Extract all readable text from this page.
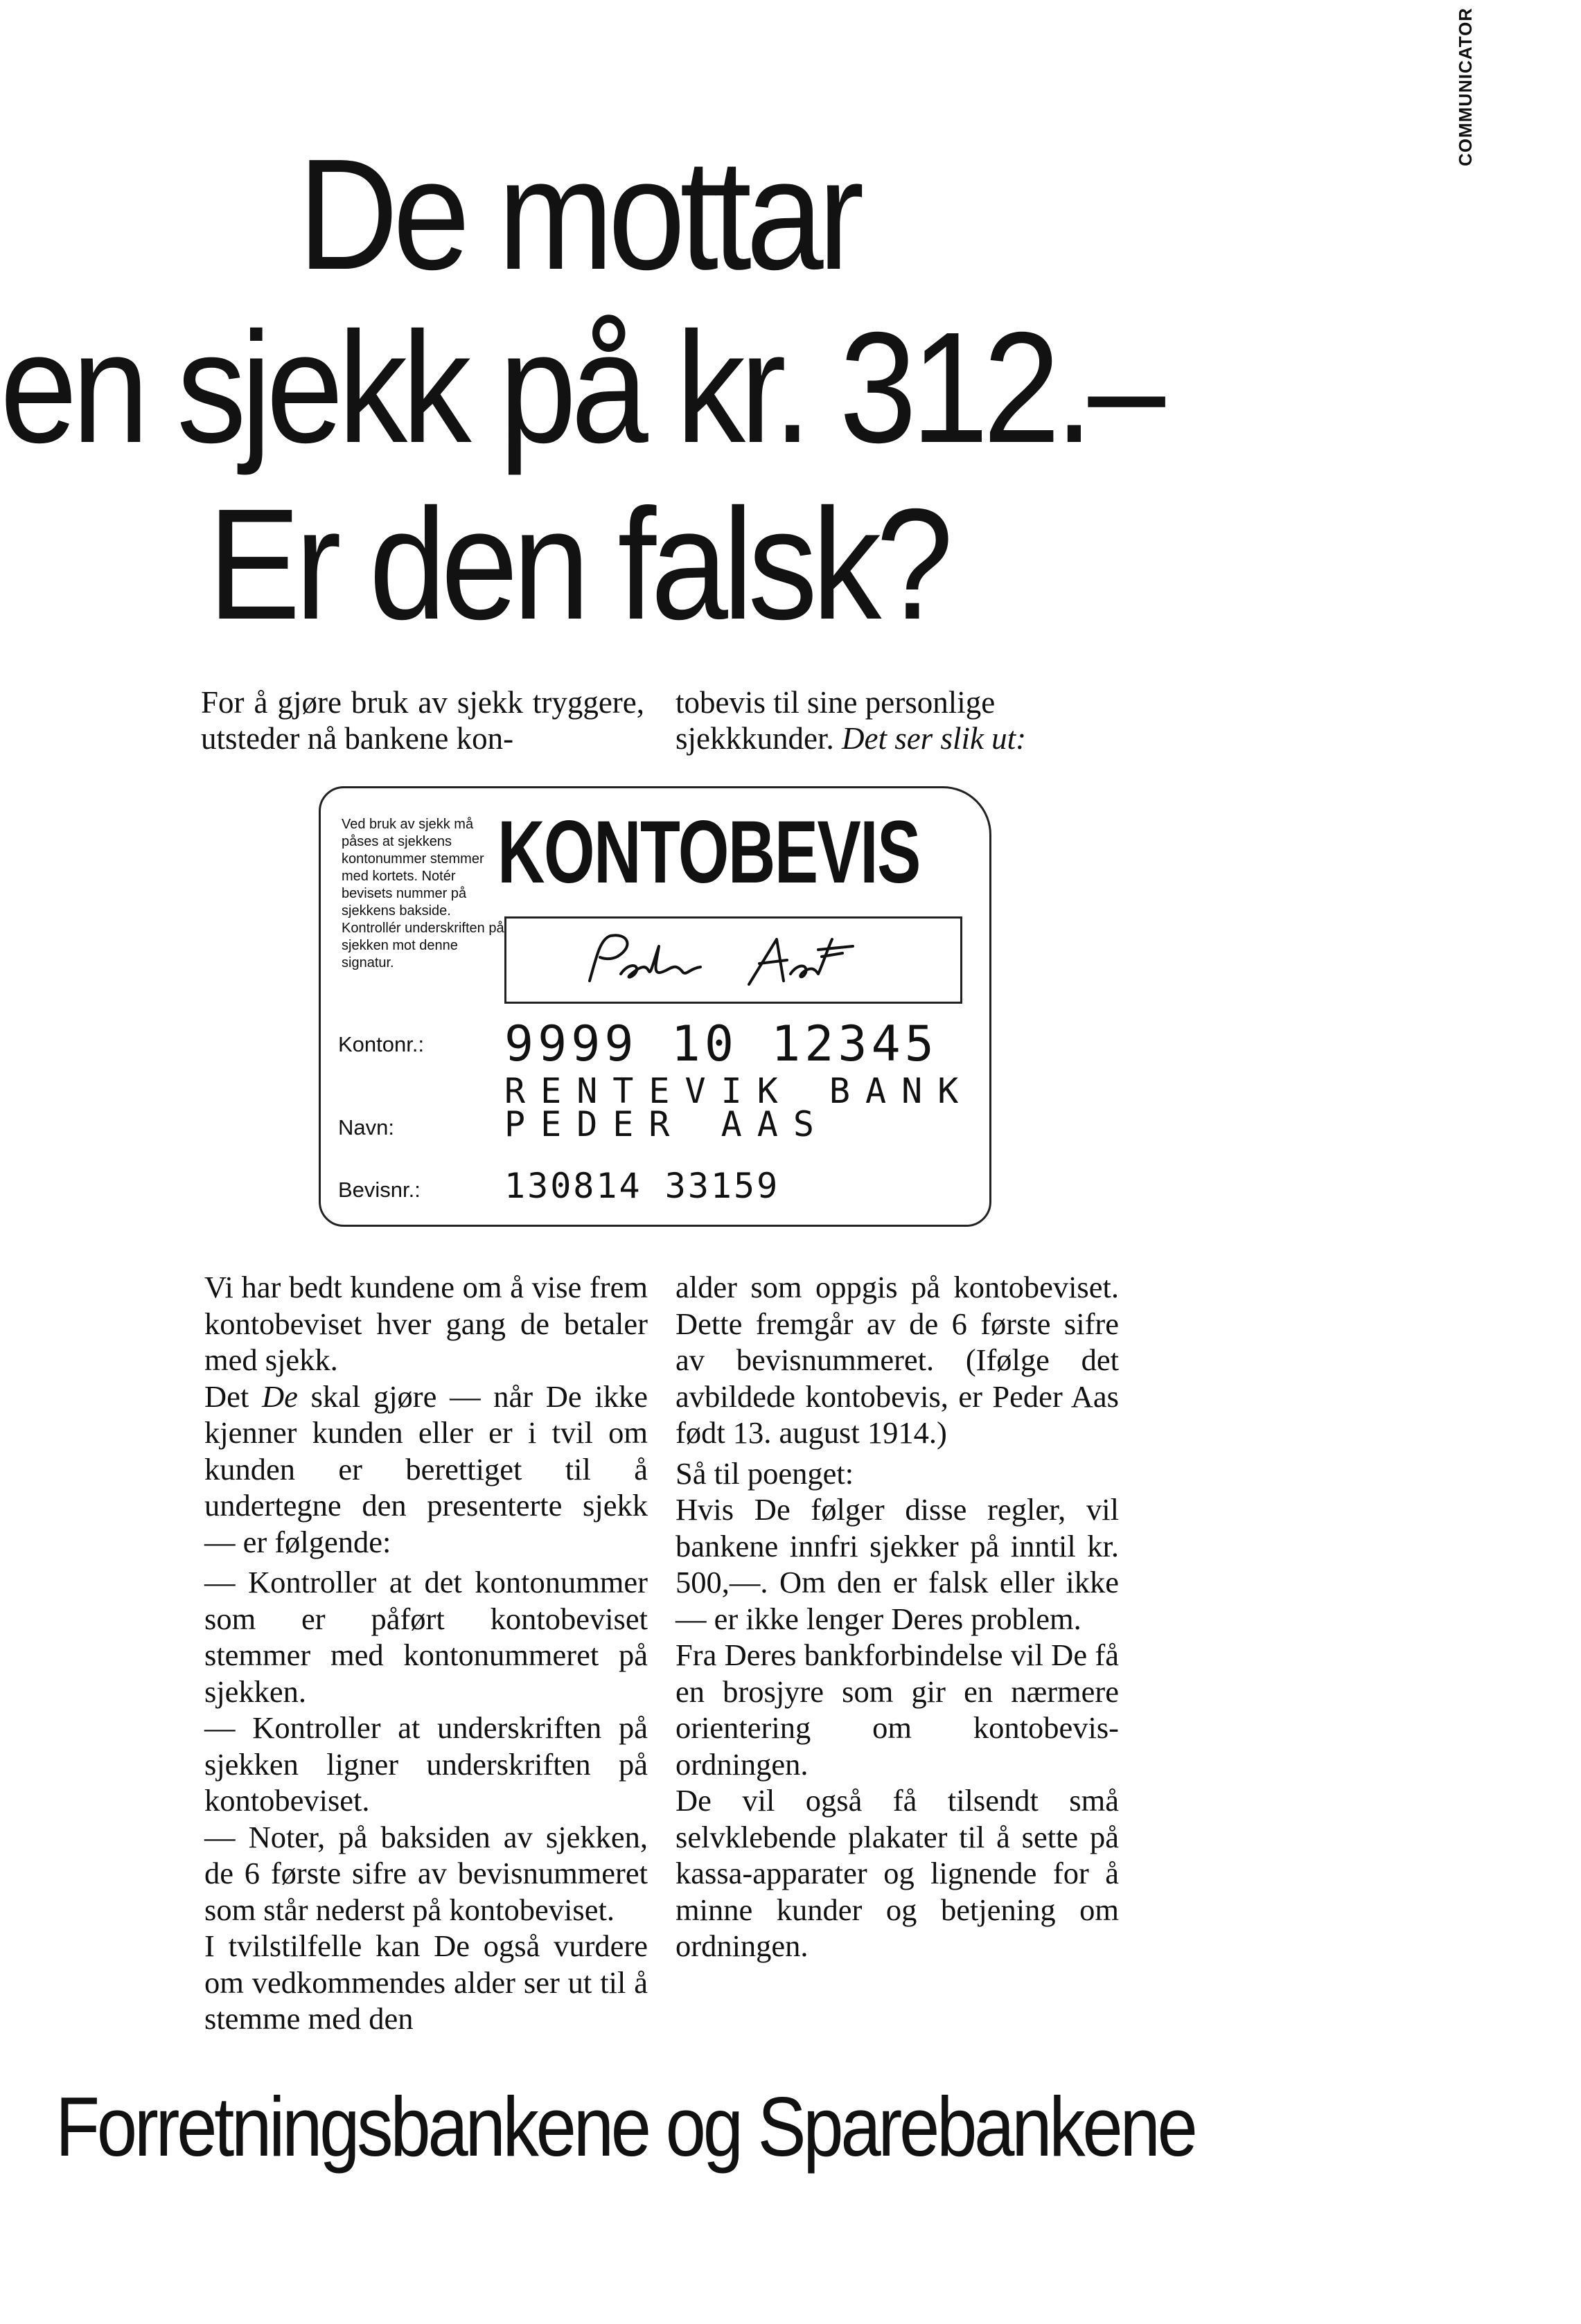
COMMUNICATOR
De mottar
en sjekk på kr. 312.–
Er den falsk?
For å gjøre bruk av sjekk tryggere, utsteder nå bankene kon-
tobevis til sine personlige sjekkkunder. Det ser slik ut:
Ved bruk av sjekk må påses at sjekkens kontonummer stemmer med kortets. Notér bevisets nummer på sjekkens bakside. Kontrollér underskriften på sjekken mot denne signatur.
KONTOBEVIS
Kontonr.: 9999 10 12345
RENTEVIK BANK
Navn:	PEDER AAS
Bevisnr.: 130814 33159

Vi har bedt kundene om å vise frem kontobeviset hver gang de betaler med sjekk.

Det De skal gjøre — når De ikke kjenner kunden eller er i tvil om kunden er berettiget til å undertegne den presenterte sjekk — er følgende:

— Kontroller at det kontonummer som er påført kontobeviset stemmer med kontonummeret på sjekken.

— Kontroller at underskriften på sjekken ligner underskriften på kontobeviset.

— Noter, på baksiden av sjekken, de 6 første sifre av bevisnummeret som står nederst på kontobeviset.

I tvilstilfelle kan De også vurdere om vedkommendes alder ser ut til å stemme med den

alder som oppgis på kontobeviset. Dette fremgår av de 6 første sifre av bevisnummeret. (Ifølge det avbildede kontobevis, er Peder Aas født 13. august 1914.)

Så til poenget:

Hvis De følger disse regler, vil bankene innfri sjekker på inntil kr. 500,—. Om den er falsk eller ikke — er ikke lenger Deres problem.

Fra Deres bankforbindelse vil De få en brosjyre som gir en nærmere orientering om kontobevis-ordningen.

De vil også få tilsendt små selvklebende plakater til å sette på kassa-apparater og lignende for å minne kunder og betjening om ordningen.

Forretningsbankene og Sparebankene
